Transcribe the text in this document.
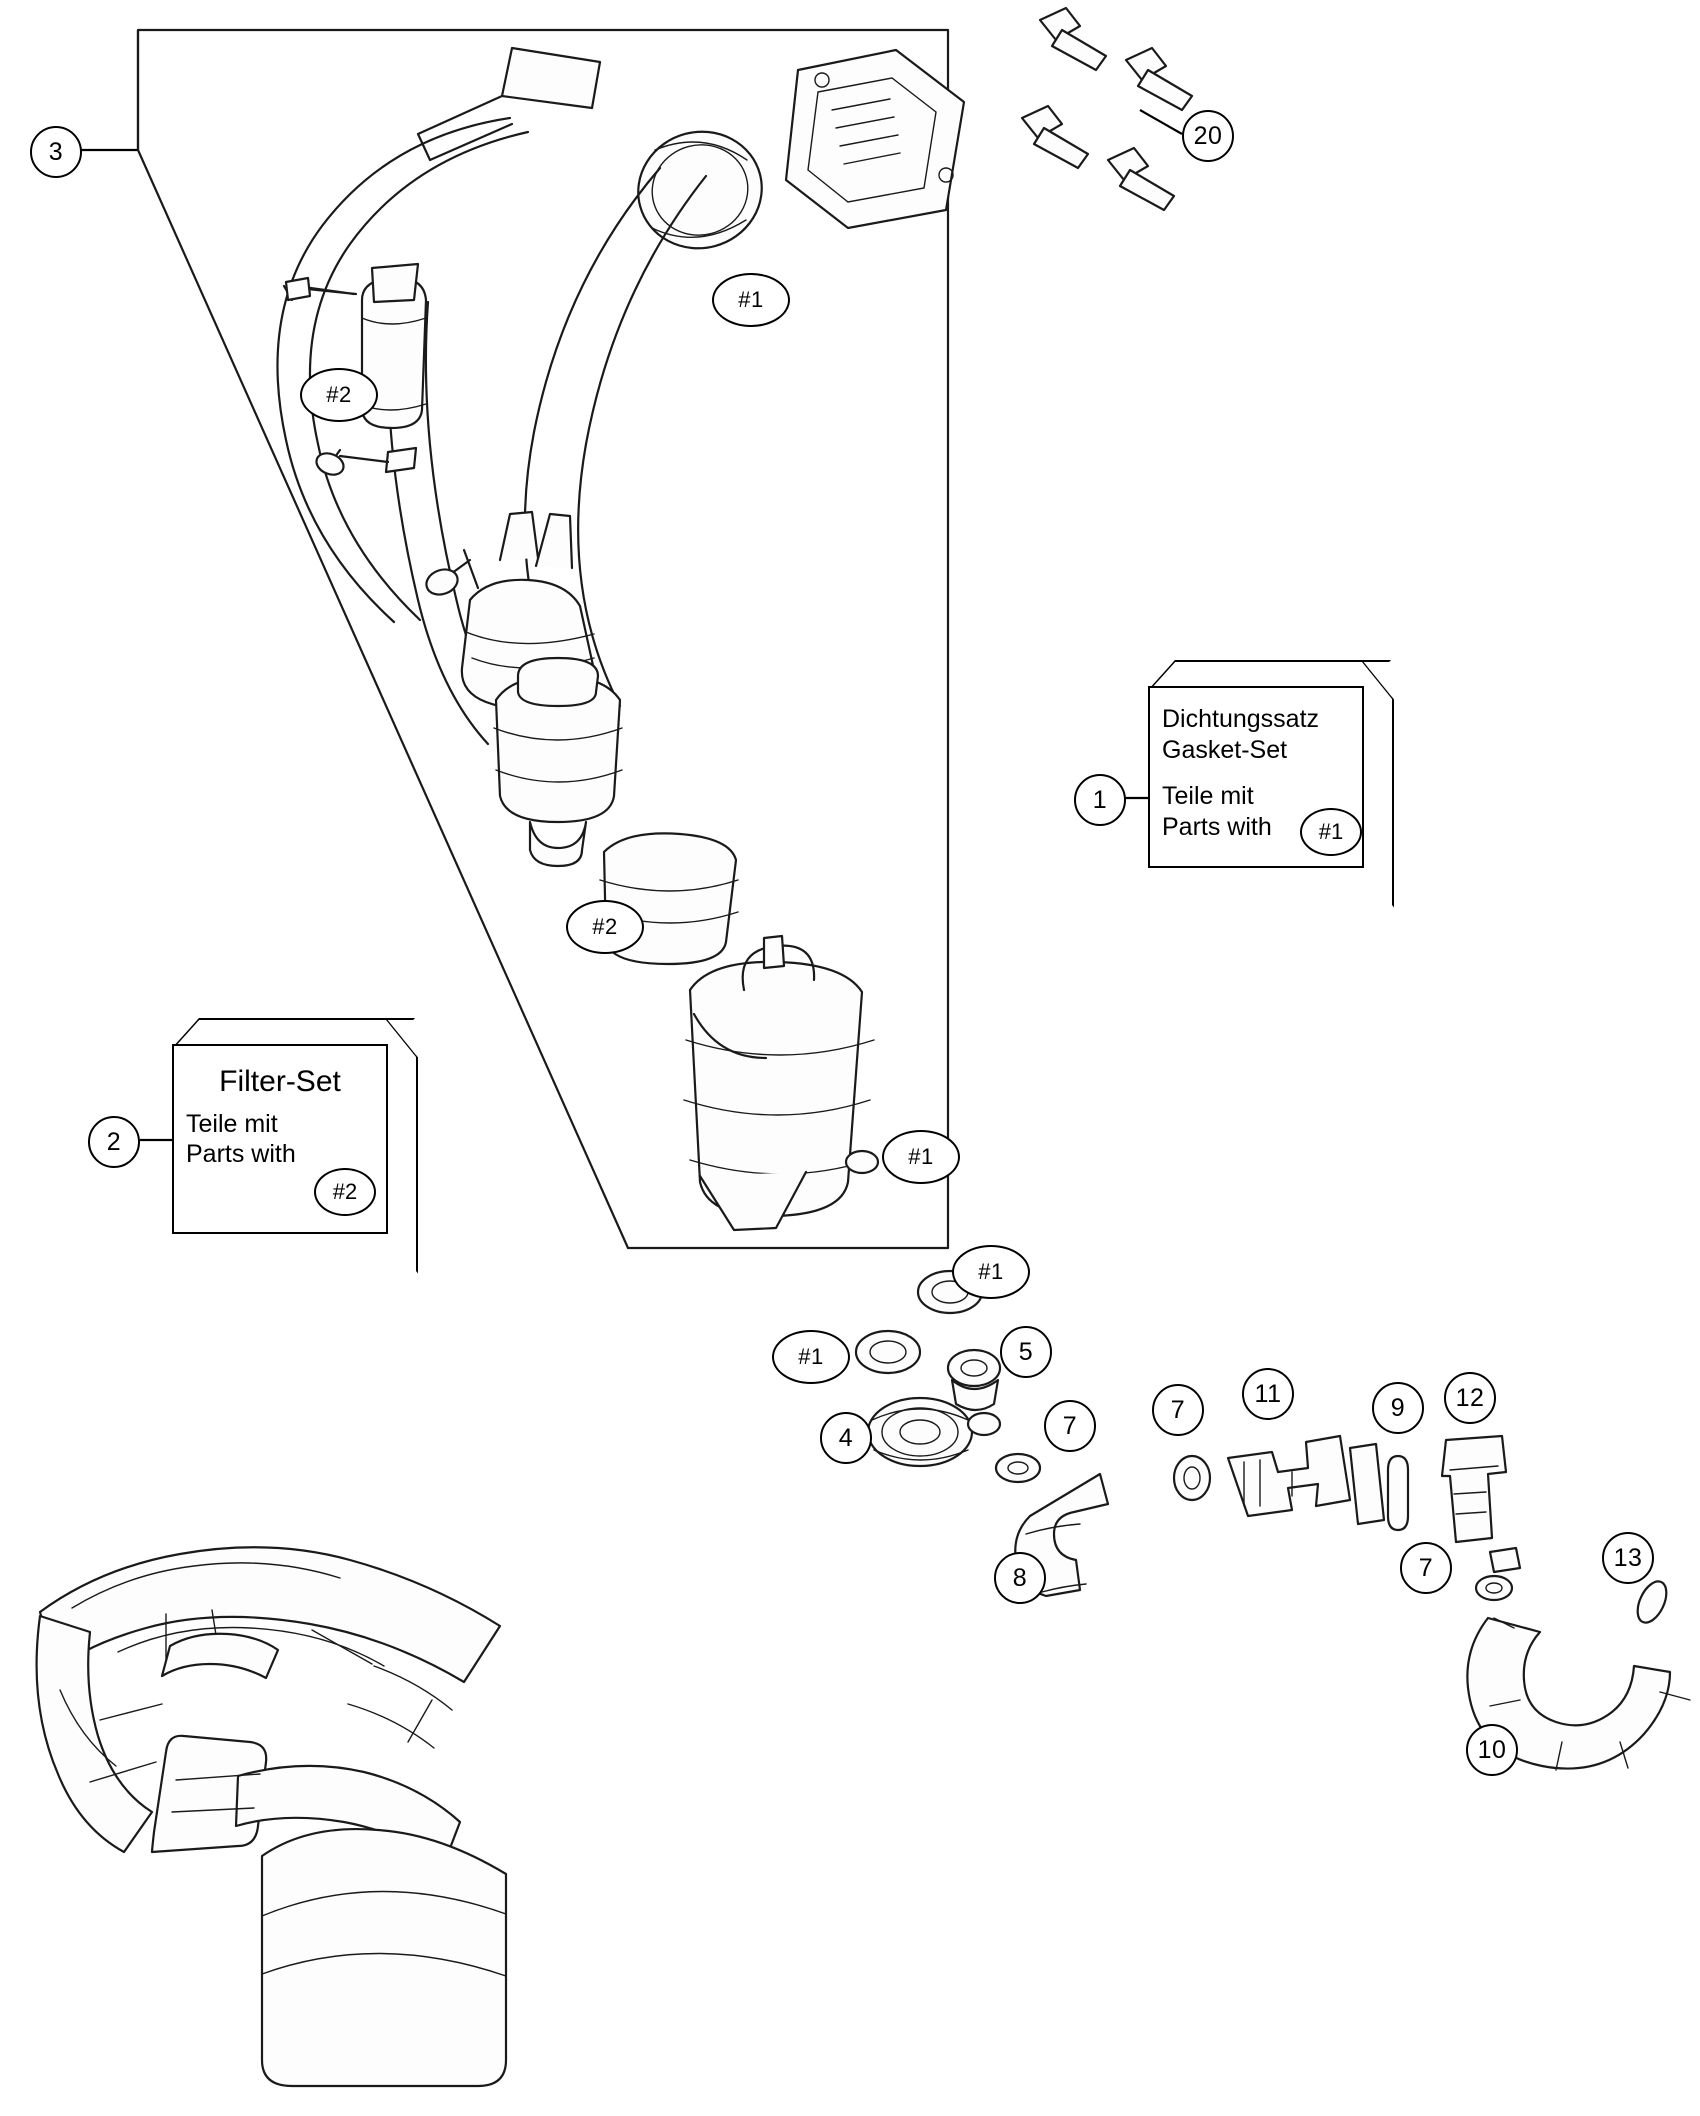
3
20
1
2
4
5
7
7
7
8
9
10
11	12
13
#1
#2
#2
#1
#1
#1
Dichtungssatz
Gasket-Set
Teile mit
Parts with	#1
Filter-Set
Teile mit
Parts with
#2
